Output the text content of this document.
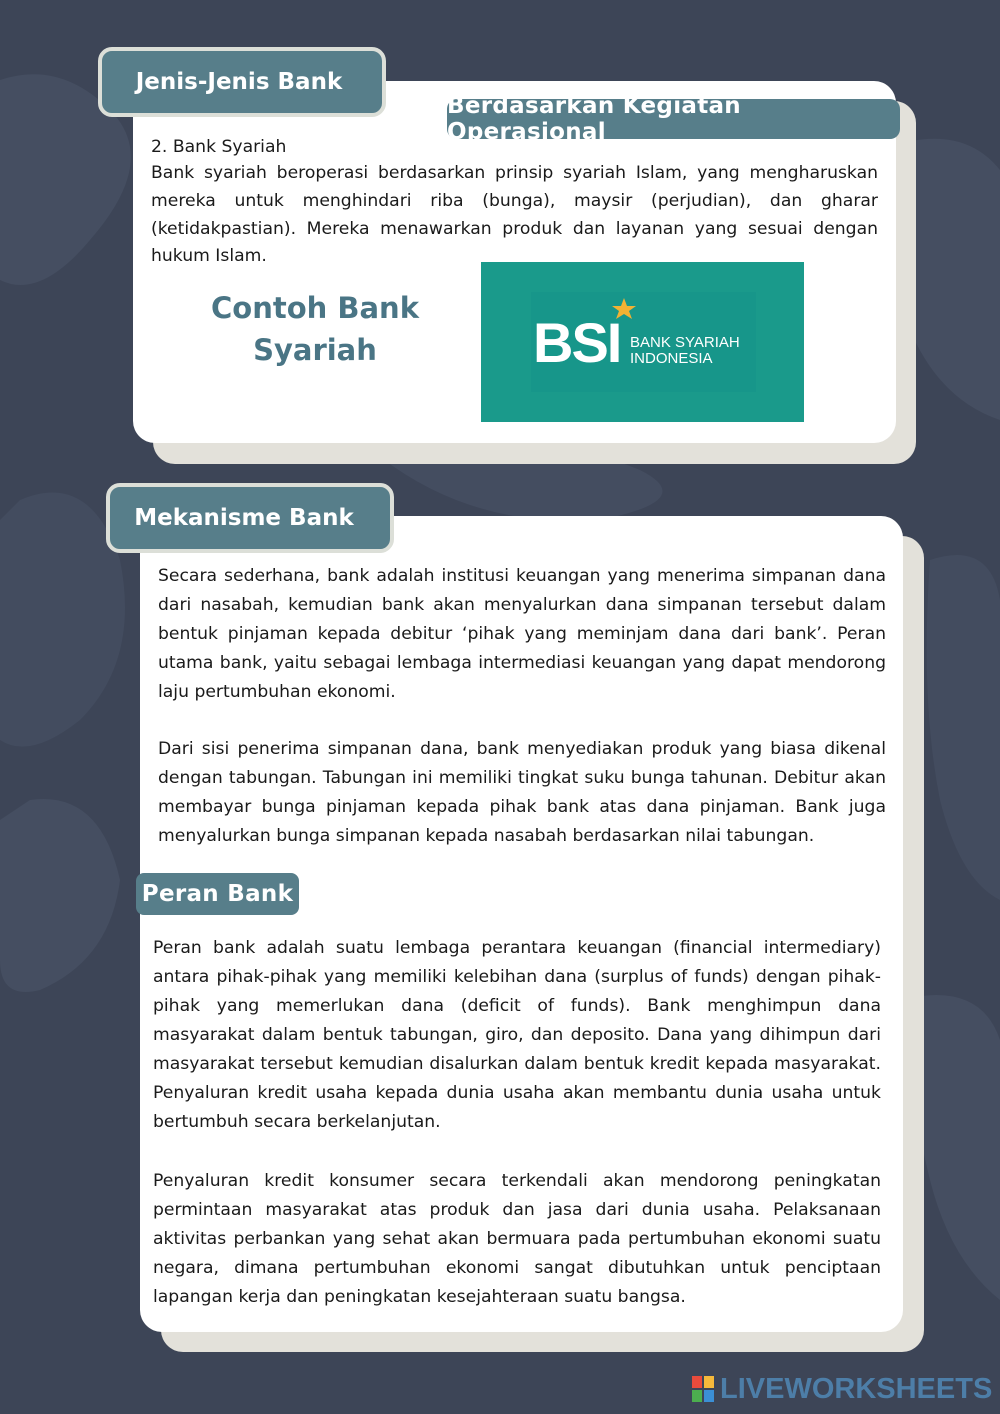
Jenis-Jenis Bank
Berdasarkan Kegiatan Operasional

2. Bank Syariah

Bank syariah beroperasi berdasarkan prinsip syariah Islam, yang mengharuskan mereka untuk menghindari riba (bunga), maysir (perjudian), dan gharar (ketidakpastian). Mereka menawarkan produk dan layanan yang sesuai dengan hukum Islam.

Contoh Bank
Syariah	BSI BANK SYARIAH
INDONESIA
Mekanisme Bank

Secara sederhana, bank adalah institusi keuangan yang menerima simpanan dana dari nasabah, kemudian bank akan menyalurkan dana simpanan tersebut dalam bentuk pinjaman kepada debitur ‘pihak yang meminjam dana dari bank’. Peran utama bank, yaitu sebagai lembaga intermediasi keuangan yang dapat mendorong laju pertumbuhan ekonomi.

Dari sisi penerima simpanan dana, bank menyediakan produk yang biasa dikenal dengan tabungan. Tabungan ini memiliki tingkat suku bunga tahunan. Debitur akan membayar bunga pinjaman kepada pihak bank atas dana pinjaman. Bank juga menyalurkan bunga simpanan kepada nasabah berdasarkan nilai tabungan.

Peran Bank

Peran bank adalah suatu lembaga perantara keuangan (financial intermediary) antara pihak-pihak yang memiliki kelebihan dana (surplus of funds) dengan pihak-pihak yang memerlukan dana (deficit of funds). Bank menghimpun dana masyarakat dalam bentuk tabungan, giro, dan deposito. Dana yang dihimpun dari masyarakat tersebut kemudian disalurkan dalam bentuk kredit kepada masyarakat. Penyaluran kredit usaha kepada dunia usaha akan membantu dunia usaha untuk bertumbuh secara berkelanjutan.

Penyaluran kredit konsumer secara terkendali akan mendorong peningkatan permintaan masyarakat atas produk dan jasa dari dunia usaha. Pelaksanaan aktivitas perbankan yang sehat akan bermuara pada pertumbuhan ekonomi suatu negara, dimana pertumbuhan ekonomi sangat dibutuhkan untuk penciptaan lapangan kerja dan peningkatan kesejahteraan suatu bangsa.

LIVEWORKSHEETS
